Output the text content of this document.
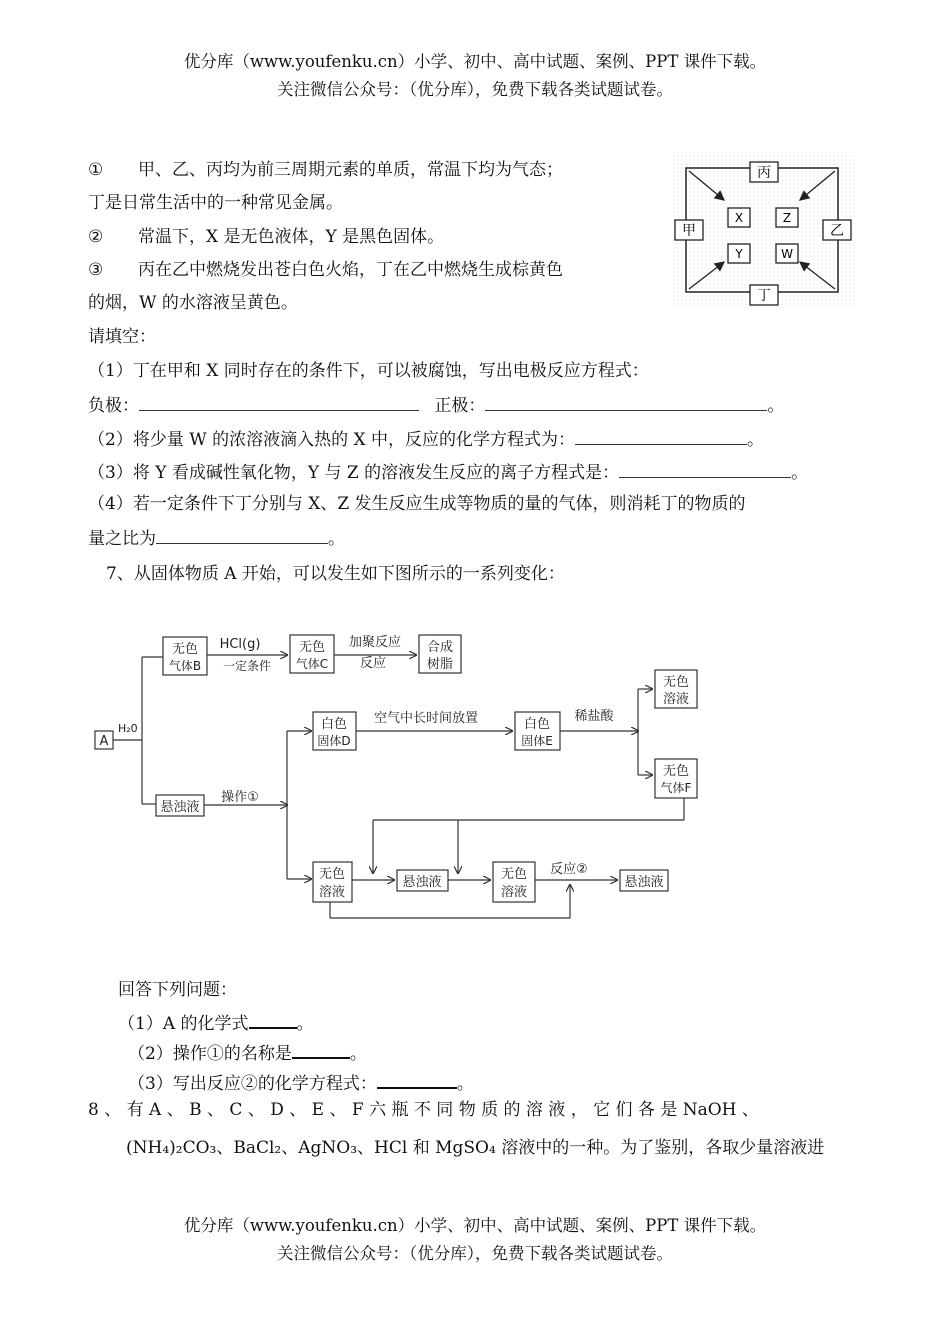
优分库（www.youfenku.cn）小学、初中、高中试题、案例、PPT 课件下载。
关注微信公众号：（优分库），免费下载各类试题试卷。
① 甲、乙、丙均为前三周期元素的单质，常温下均为气态；
丁是日常生活中的一种常见金属。
② 常温下，X 是无色液体，Y 是黑色固体。
③ 丙在乙中燃烧发出苍白色火焰，丁在乙中燃烧生成棕黄色
的烟，W 的水溶液呈黄色。
丙
甲	乙
丁
X	Z
Y	W
请填空：
（1）丁在甲和 X 同时存在的条件下，可以被腐蚀，写出电极反应方程式：
负极：	正极：	。
（2）将少量 W 的浓溶液滴入热的 X 中，反应的化学方程式为：	。
（3）将 Y 看成碱性氧化物，Y 与 Z 的溶液发生反应的离子方程式是：	。
（4）若一定条件下丁分别与 X、Z 发生反应生成等物质的量的气体，则消耗丁的物质的
量之比为	。
7、从固体物质 A 开始，可以发生如下图所示的一系列变化：
A
H₂0
无色
气体B
HCl(g)
一定条件
无色
气体C
加聚反应
反应
合成
树脂
白色
固体D
空气中长时间放置	白色
固体E
稀盐酸
无色
溶液
无色
气体F
悬浊液
操作①
无色
溶液
悬浊液
无色
溶液
反应②
悬浊液
回答下列问题：
（1）A 的化学式	。
（2）操作①的名称是	。
（3）写出反应②的化学方程式：	。
8 、 有 A 、 B 、 C 、 D 、 E 、 F 六 瓶 不 同 物 质 的 溶 液 ， 它 们 各 是 NaOH 、
(NH₄)₂CO₃、BaCl₂、AgNO₃、HCl 和 MgSO₄ 溶液中的一种。为了鉴别，各取少量溶液进
优分库（www.youfenku.cn）小学、初中、高中试题、案例、PPT 课件下载。
关注微信公众号：（优分库），免费下载各类试题试卷。
